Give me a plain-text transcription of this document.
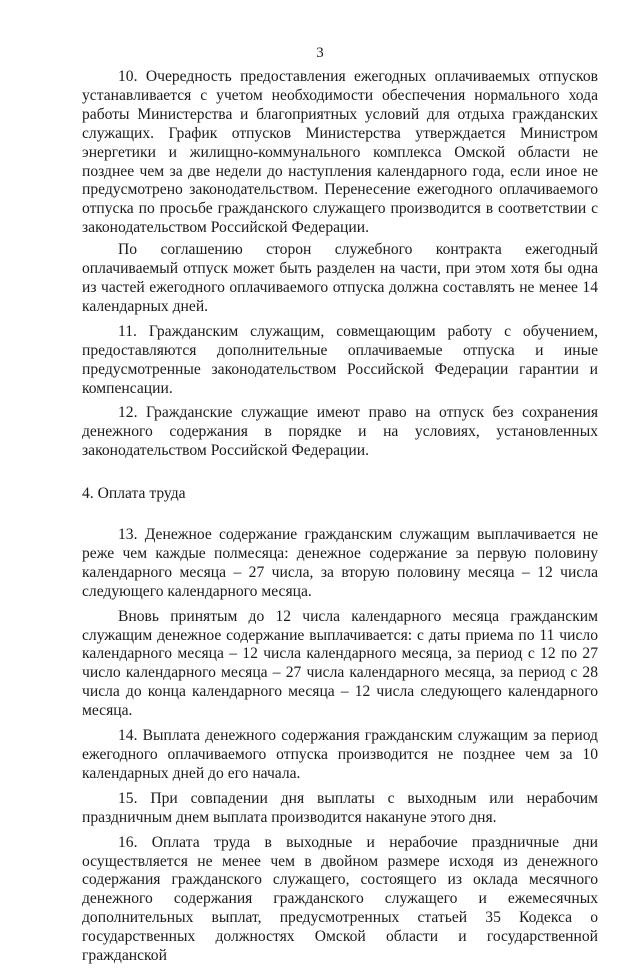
3

10. Очередность предоставления ежегодных оплачиваемых отпусков устанавливается с учетом необходимости обеспечения нормального хода работы Министерства и благоприятных условий для отдыха гражданских служащих. График отпусков Министерства утверждается Министром энергетики и жилищно-коммунального комплекса Омской области не позднее чем за две недели до наступления календарного года, если иное не предусмотрено законодательством. Перенесение ежегодного оплачиваемого отпуска по просьбе гражданского служащего производится в соответствии с законодательством Российской Федерации.

По соглашению сторон служебного контракта ежегодный оплачиваемый отпуск может быть разделен на части, при этом хотя бы одна из частей ежегодного оплачиваемого отпуска должна составлять не менее 14 календарных дней.

11. Гражданским служащим, совмещающим работу с обучением, предоставляются дополнительные оплачиваемые отпуска и иные предусмотренные законодательством Российской Федерации гарантии и компенсации.

12. Гражданские служащие имеют право на отпуск без сохранения денежного содержания в порядке и на условиях, установленных законодательством Российской Федерации.

4. Оплата труда

13. Денежное содержание гражданским служащим выплачивается не реже чем каждые полмесяца: денежное содержание за первую половину календарного месяца – 27 числа, за вторую половину месяца – 12 числа следующего календарного месяца.

Вновь принятым до 12 числа календарного месяца гражданским служащим денежное содержание выплачивается: с даты приема по 11 число календарного месяца – 12 числа календарного месяца, за период с 12 по 27 число календарного месяца – 27 числа календарного месяца, за период с 28 числа до конца календарного месяца – 12 числа следующего календарного месяца.

14. Выплата денежного содержания гражданским служащим за период ежегодного оплачиваемого отпуска производится не позднее чем за 10 календарных дней до его начала.

15. При совпадении дня выплаты с выходным или нерабочим праздничным днем выплата производится накануне этого дня.

16. Оплата труда в выходные и нерабочие праздничные дни осуществляется не менее чем в двойном размере исходя из денежного содержания гражданского служащего, состоящего из оклада месячного денежного содержания гражданского служащего и ежемесячных дополнительных выплат, предусмотренных статьей 35 Кодекса о государственных должностях Омской области и государственной гражданской
